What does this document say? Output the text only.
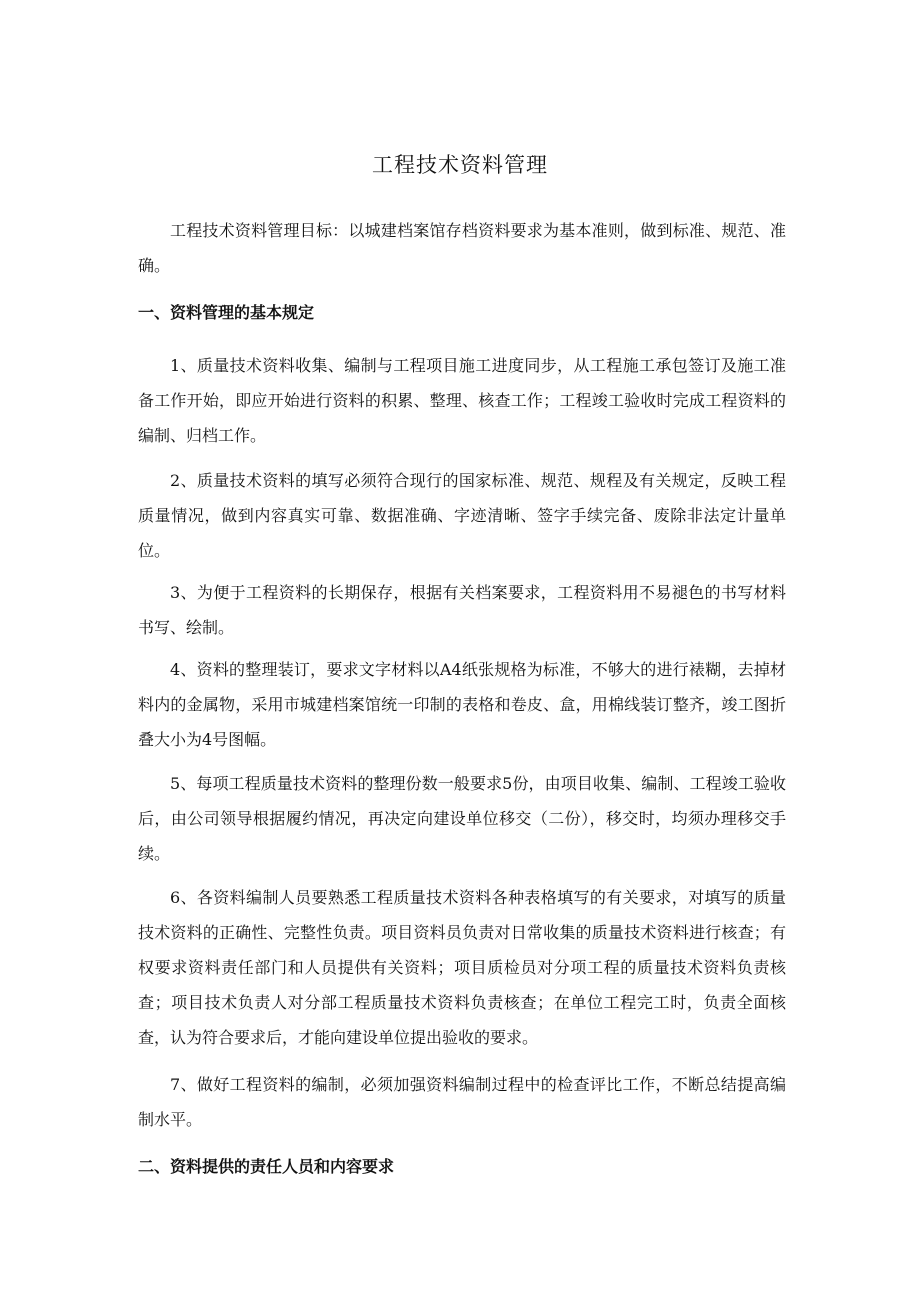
工程技术资料管理

工程技术资料管理目标：以城建档案馆存档资料要求为基本准则，做到标准、规范、准确。

一、资料管理的基本规定

1、质量技术资料收集、编制与工程项目施工进度同步，从工程施工承包签订及施工准备工作开始，即应开始进行资料的积累、整理、核查工作；工程竣工验收时完成工程资料的编制、归档工作。

2、质量技术资料的填写必须符合现行的国家标准、规范、规程及有关规定，反映工程质量情况，做到内容真实可靠、数据准确、字迹清晰、签字手续完备、废除非法定计量单位。

3、为便于工程资料的长期保存，根据有关档案要求，工程资料用不易褪色的书写材料书写、绘制。

4、资料的整理装订，要求文字材料以A4纸张规格为标准，不够大的进行裱糊，去掉材料内的金属物，采用市城建档案馆统一印制的表格和卷皮、盒，用棉线装订整齐，竣工图折叠大小为4号图幅。

5、每项工程质量技术资料的整理份数一般要求5份，由项目收集、编制、工程竣工验收后，由公司领导根据履约情况，再决定向建设单位移交（二份），移交时，均须办理移交手续。

6、各资料编制人员要熟悉工程质量技术资料各种表格填写的有关要求，对填写的质量技术资料的正确性、完整性负责。项目资料员负责对日常收集的质量技术资料进行核查；有权要求资料责任部门和人员提供有关资料；项目质检员对分项工程的质量技术资料负责核查；项目技术负责人对分部工程质量技术资料负责核查；在单位工程完工时，负责全面核查，认为符合要求后，才能向建设单位提出验收的要求。

7、做好工程资料的编制，必须加强资料编制过程中的检查评比工作，不断总结提高编制水平。

二、资料提供的责任人员和内容要求
